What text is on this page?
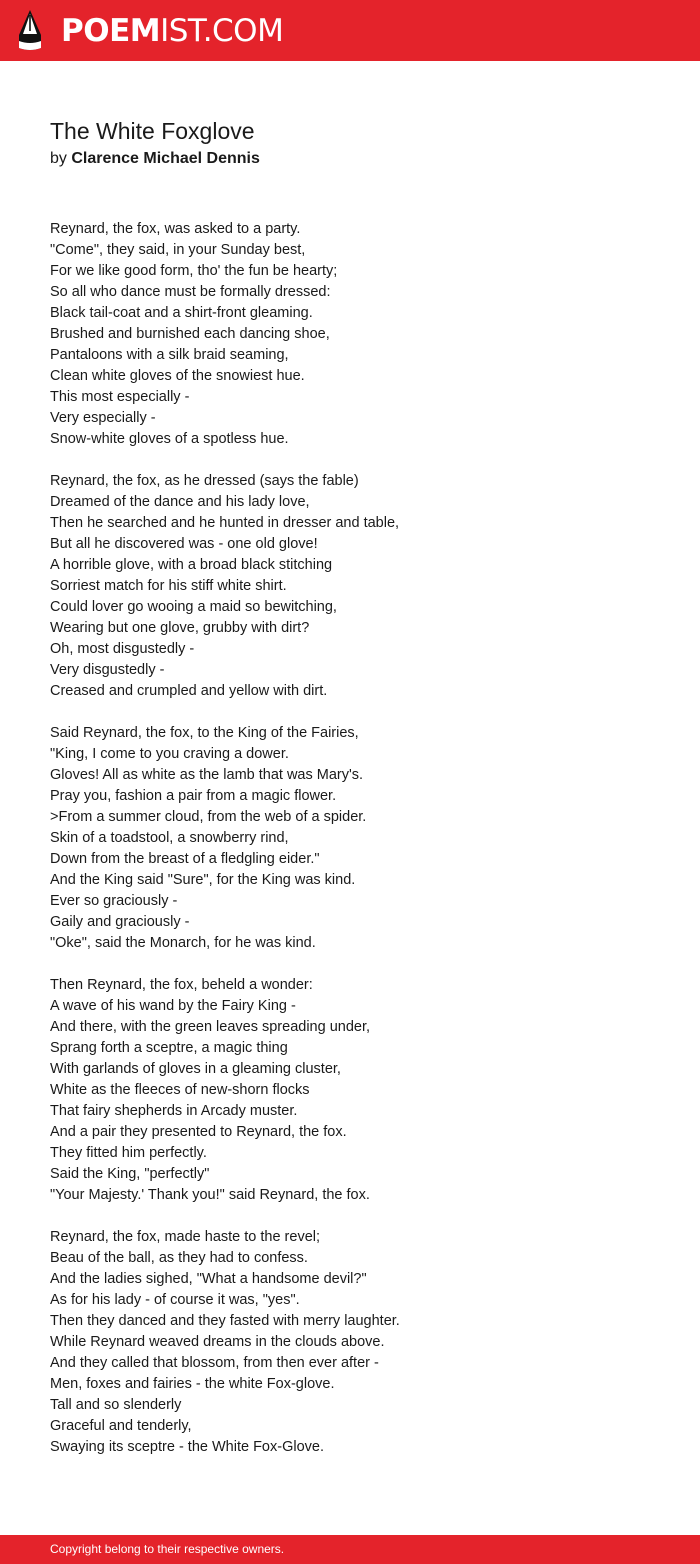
POEMIST.COM
The White Foxglove
by Clarence Michael Dennis
Reynard, the fox, was asked to a party.
"Come", they said, in your Sunday best,
For we like good form, tho' the fun be hearty;
So all who dance must be formally dressed:
Black tail-coat and a shirt-front gleaming.
Brushed and burnished each dancing shoe,
Pantaloons with a silk braid seaming,
Clean white gloves of the snowiest hue.
This most especially -
Very especially -
Snow-white gloves of a spotless hue.
Reynard, the fox, as he dressed (says the fable)
Dreamed of the dance and his lady love,
Then he searched and he hunted in dresser and table,
But all he discovered was - one old glove!
A horrible glove, with a broad black stitching
Sorriest match for his stiff white shirt.
Could lover go wooing a maid so bewitching,
Wearing but one glove, grubby with dirt?
Oh, most disgustedly -
Very disgustedly -
Creased and crumpled and yellow with dirt.
Said Reynard, the fox, to the King of the Fairies,
"King, I come to you craving a dower.
Gloves! All as white as the lamb that was Mary's.
Pray you, fashion a pair from a magic flower.
>From a summer cloud, from the web of a spider.
Skin of a toadstool, a snowberry rind,
Down from the breast of a fledgling eider."
And the King said "Sure", for the King was kind.
Ever so graciously -
Gaily and graciously -
"Oke", said the Monarch, for he was kind.
Then Reynard, the fox, beheld a wonder:
A wave of his wand by the Fairy King -
And there, with the green leaves spreading under,
Sprang forth a sceptre, a magic thing
With garlands of gloves in a gleaming cluster,
White as the fleeces of new-shorn flocks
That fairy shepherds in Arcady muster.
And a pair they presented to Reynard, the fox.
They fitted him perfectly.
Said the King, "perfectly"
"Your Majesty.' Thank you!" said Reynard, the fox.
Reynard, the fox, made haste to the revel;
Beau of the ball, as they had to confess.
And the ladies sighed, "What a handsome devil?"
As for his lady - of course it was, "yes".
Then they danced and they fasted with merry laughter.
While Reynard weaved dreams in the clouds above.
And they called that blossom, from then ever after -
Men, foxes and fairies - the white Fox-glove.
Tall and so slenderly
Graceful and tenderly,
Swaying its sceptre - the White Fox-Glove.
Copyright belong to their respective owners.
